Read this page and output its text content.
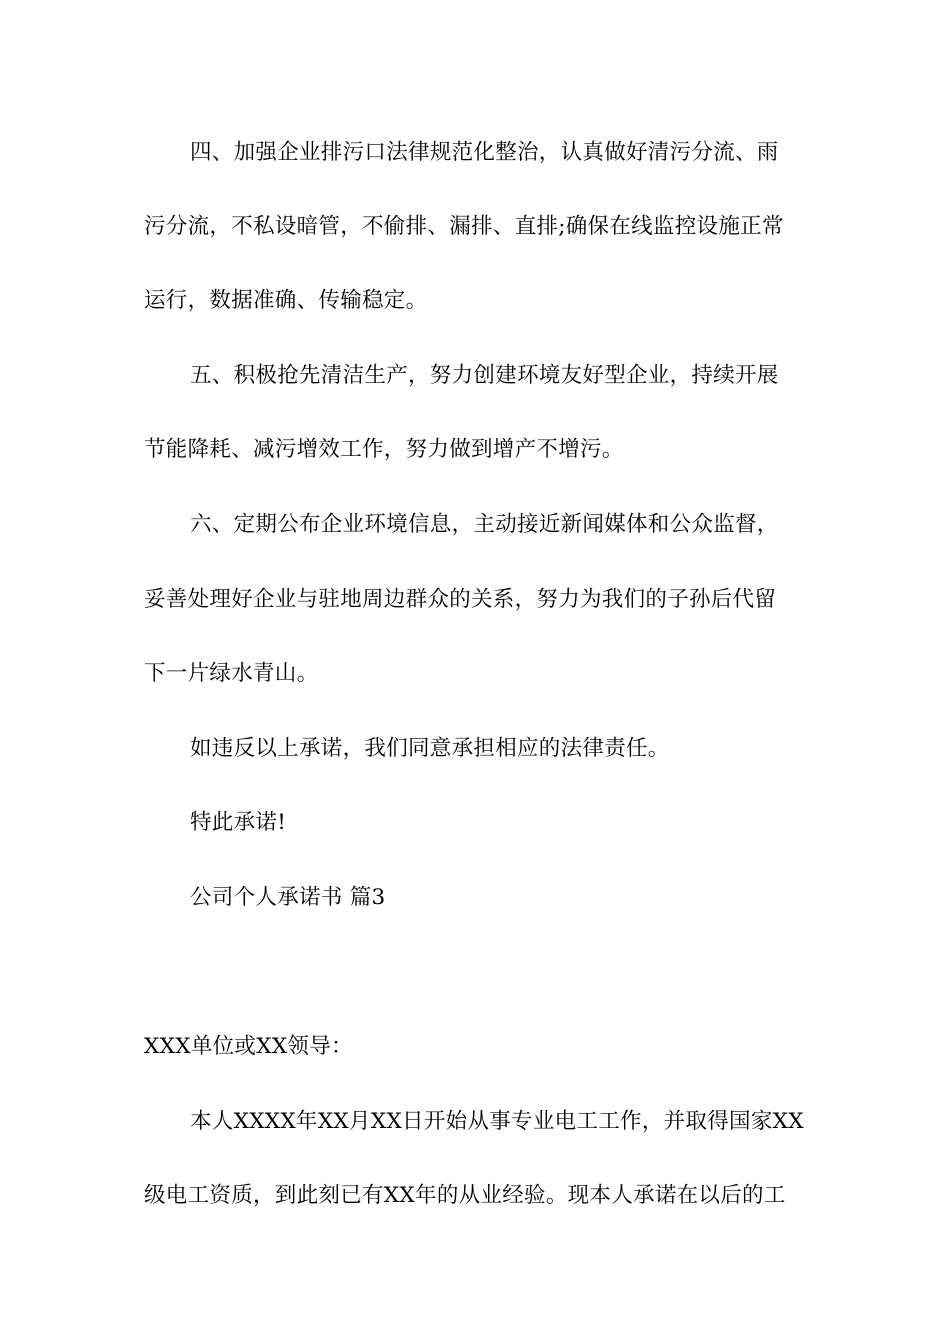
四、加强企业排污口法律规范化整治，认真做好清污分流、雨
污分流，不私设暗管，不偷排、漏排、直排;确保在线监控设施正常
运行，数据准确、传输稳定。
五、积极抢先清洁生产，努力创建环境友好型企业，持续开展
节能降耗、减污增效工作，努力做到增产不增污。
六、定期公布企业环境信息，主动接近新闻媒体和公众监督，
妥善处理好企业与驻地周边群众的关系，努力为我们的子孙后代留
下一片绿水青山。
如违反以上承诺，我们同意承担相应的法律责任。
特此承诺!
公司个人承诺书 篇3
XXX单位或XX领导：
本人XXXX年XX月XX日开始从事专业电工工作，并取得国家XX
级电工资质，到此刻已有XX年的从业经验。现本人承诺在以后的工
